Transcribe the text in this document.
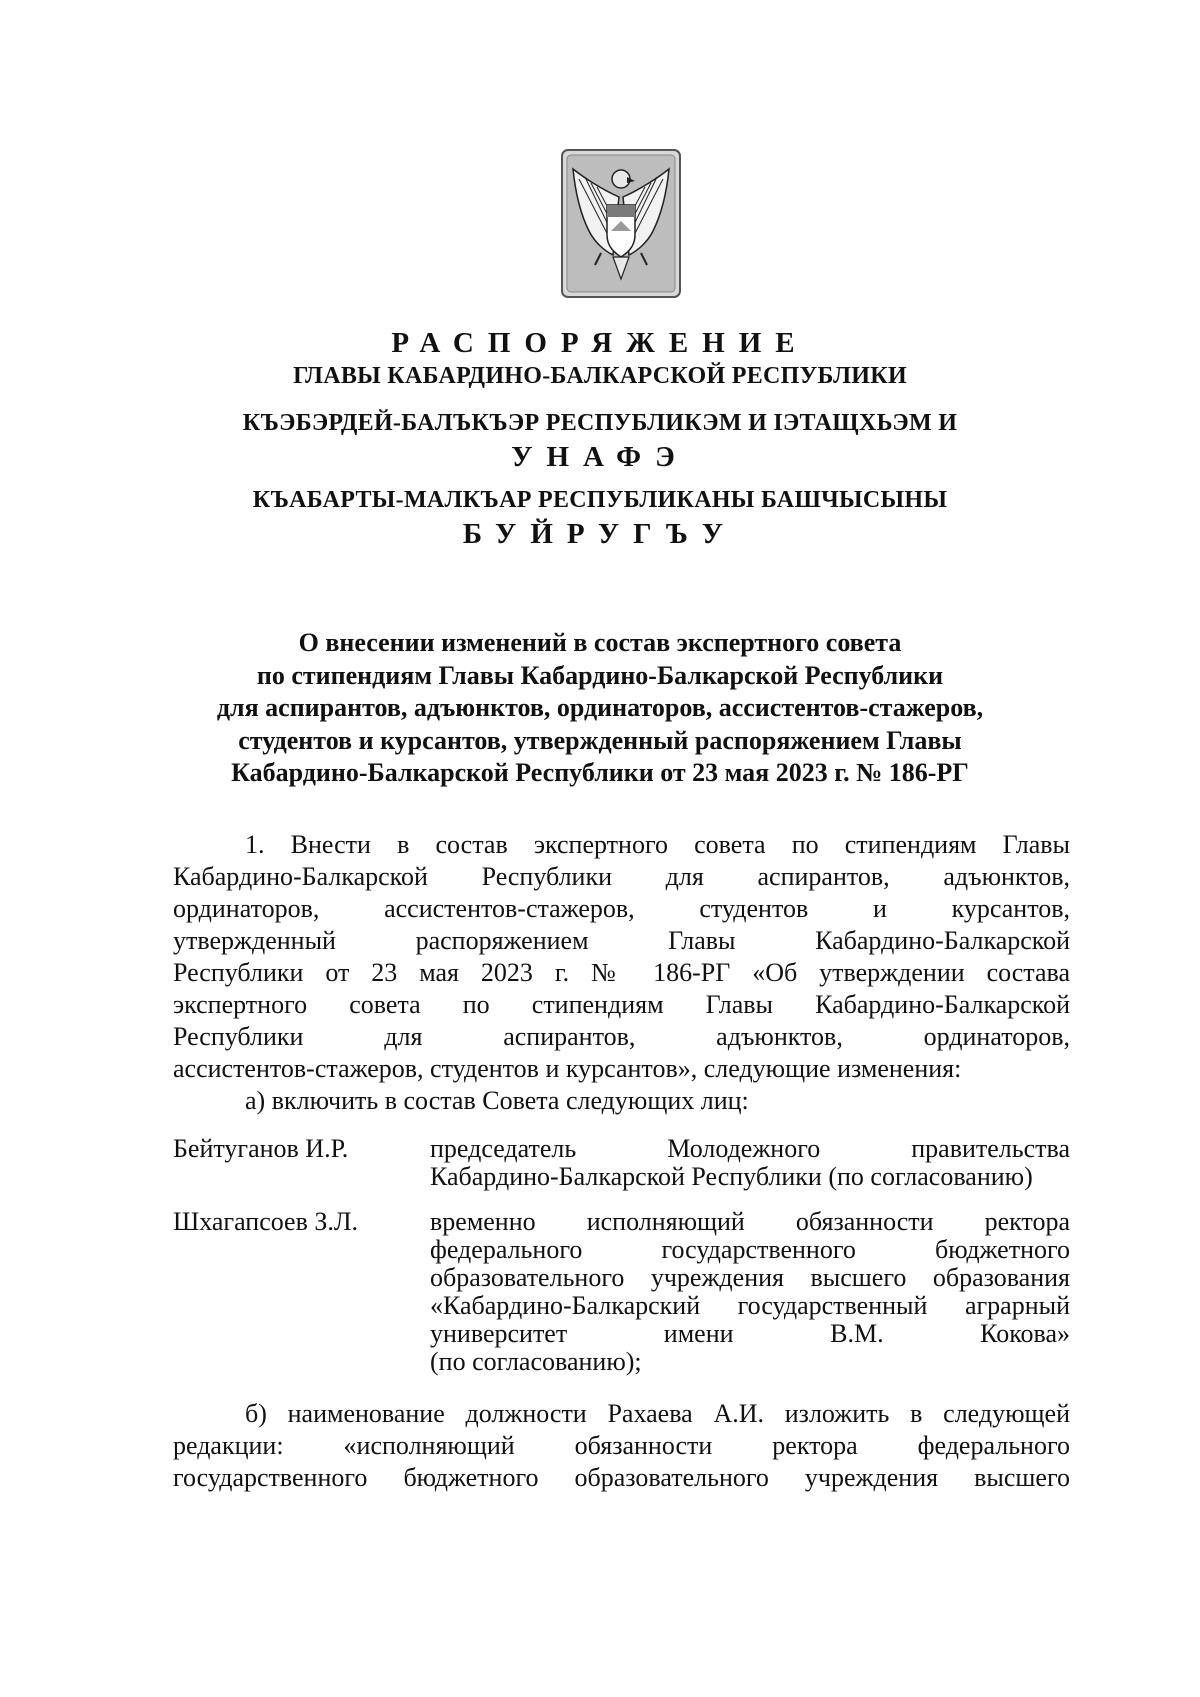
РАСПОРЯЖЕНИЕ
ГЛАВЫ КАБАРДИНО-БАЛКАРСКОЙ РЕСПУБЛИКИ
КЪЭБЭРДЕЙ-БАЛЪКЪЭР РЕСПУБЛИКЭМ И IЭТАЩХЬЭМ И
УНАФЭ
КЪАБАРТЫ-МАЛКЪАР РЕСПУБЛИКАНЫ БАШЧЫСЫНЫ
БУЙРУГЪУ
О внесении изменений в состав экспертного совета
по стипендиям Главы Кабардино-Балкарской Республики
для аспирантов, адъюнктов, ординаторов, ассистентов-стажеров,
студентов и курсантов, утвержденный распоряжением Главы
Кабардино-Балкарской Республики от 23 мая 2023 г. № 186-РГ
1. Внести в состав экспертного совета по стипендиям Главы
Кабардино-Балкарской Республики для аспирантов, адъюнктов,
ординаторов, ассистентов-стажеров, студентов и курсантов,
утвержденный распоряжением Главы Кабардино-Балкарской
Республики от 23 мая 2023 г. № 186-РГ «Об утверждении состава
экспертного совета по стипендиям Главы Кабардино-Балкарской
Республики для аспирантов, адъюнктов, ординаторов,
ассистентов-стажеров, студентов и курсантов», следующие изменения:
а) включить в состав Совета следующих лиц:
Бейтуганов И.Р.	председатель Молодежного правительства
Кабардино-Балкарской Республики (по согласованию)
Шхагапсоев З.Л.	временно исполняющий обязанности ректора
федерального государственного бюджетного
образовательного учреждения высшего образования
«Кабардино-Балкарский государственный аграрный
университет имени В.М. Кокова»
(по согласованию);
б) наименование должности Рахаева А.И. изложить в следующей
редакции: «исполняющий обязанности ректора федерального
государственного бюджетного образовательного учреждения высшего
